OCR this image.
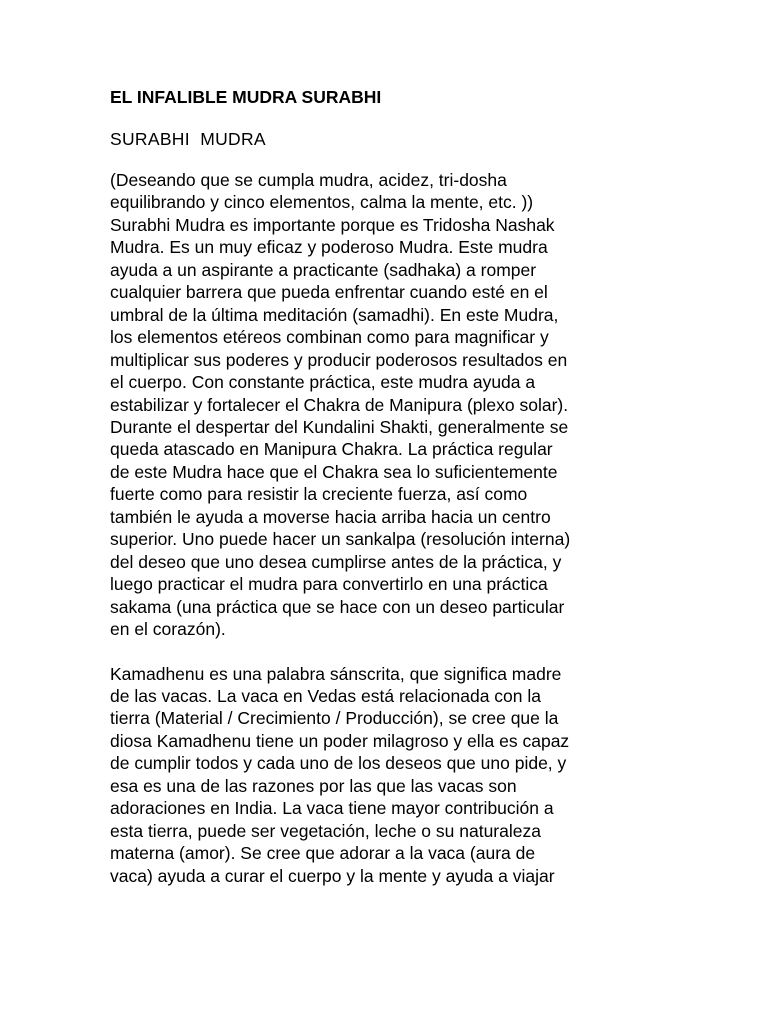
EL INFALIBLE MUDRA SURABHI
SURABHI  MUDRA
(Deseando que se cumpla mudra, acidez, tri-dosha
equilibrando y cinco elementos, calma la mente, etc. ))
Surabhi Mudra es importante porque es Tridosha Nashak
Mudra. Es un muy eficaz y poderoso Mudra. Este mudra
ayuda a un aspirante a practicante (sadhaka) a romper
cualquier barrera que pueda enfrentar cuando esté en el
umbral de la última meditación (samadhi). En este Mudra,
los elementos etéreos combinan como para magnificar y
multiplicar sus poderes y producir poderosos resultados en
el cuerpo. Con constante práctica, este mudra ayuda a
estabilizar y fortalecer el Chakra de Manipura (plexo solar).
Durante el despertar del Kundalini Shakti, generalmente se
queda atascado en Manipura Chakra. La práctica regular
de este Mudra hace que el Chakra sea lo suficientemente
fuerte como para resistir la creciente fuerza, así como
también le ayuda a moverse hacia arriba hacia un centro
superior. Uno puede hacer un sankalpa (resolución interna)
del deseo que uno desea cumplirse antes de la práctica, y
luego practicar el mudra para convertirlo en una práctica
sakama (una práctica que se hace con un deseo particular
en el corazón).
Kamadhenu es una palabra sánscrita, que significa madre
de las vacas. La vaca en Vedas está relacionada con la
tierra (Material / Crecimiento / Producción), se cree que la
diosa Kamadhenu tiene un poder milagroso y ella es capaz
de cumplir todos y cada uno de los deseos que uno pide, y
esa es una de las razones por las que las vacas son
adoraciones en India. La vaca tiene mayor contribución a
esta tierra, puede ser vegetación, leche o su naturaleza
materna (amor). Se cree que adorar a la vaca (aura de
vaca) ayuda a curar el cuerpo y la mente y ayuda a viajar
